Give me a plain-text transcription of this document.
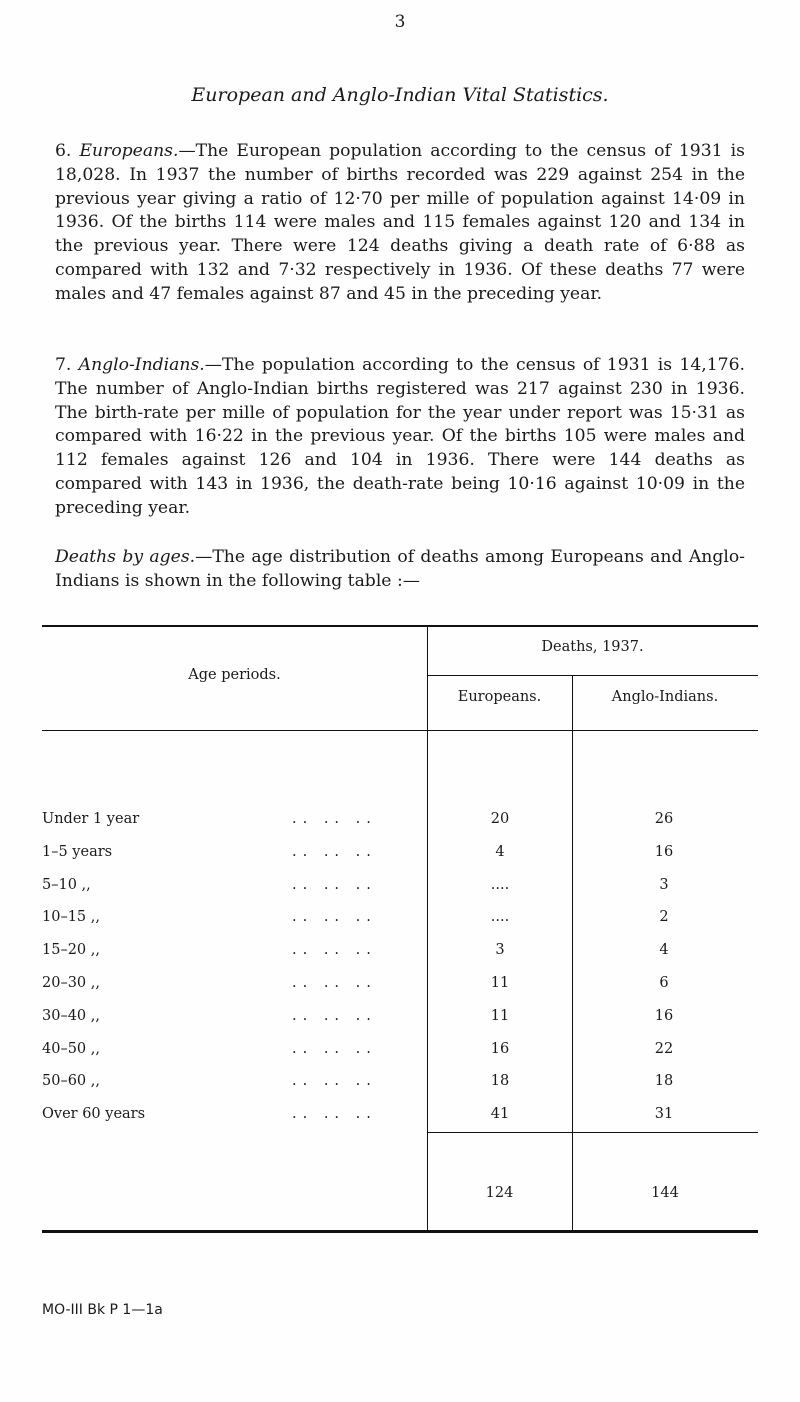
3
European and Anglo-Indian Vital Statistics.
6. Europeans.—The European population according to the census of 1931 is 18,028. In 1937 the number of births recorded was 229 against 254 in the previous year giving a ratio of 12·70 per mille of population against 14·09 in 1936. Of the births 114 were males and 115 females against 120 and 134 in the previous year. There were 124 deaths giving a death rate of 6·88 as compared with 132 and 7·32 respectively in 1936. Of these deaths 77 were males and 47 females against 87 and 45 in the preceding year.
7. Anglo-Indians.—The population according to the census of 1931 is 14,176. The number of Anglo-Indian births registered was 217 against 230 in 1936. The birth-rate per mille of population for the year under report was 15·31 as compared with 16·22 in the previous year. Of the births 105 were males and 112 females against 126 and 104 in 1936. There were 144 deaths as compared with 143 in 1936, the death-rate being 10·16 against 10·09 in the preceding year.
Deaths by ages.—The age distribution of deaths among Europeans and Anglo-Indians is shown in the following table :—
Age periods.
Deaths, 1937.
Europeans.	Anglo-Indians.
Under 1 year	.. .. ..	20	26
1–5 years	.. .. ..	4	16
5–10 ,,	.. .. ..	....	3
10–15 ,,	.. .. ..	....	2
15–20 ,,	.. .. ..	3	4
20–30 ,,	.. .. ..	11	6
30–40 ,,	.. .. ..	11	16
40–50 ,,	.. .. ..	16	22
50–60 ,,	.. .. ..	18	18
Over 60 years	.. .. ..	41	31
124	144
MO-III Bk P 1—1a
